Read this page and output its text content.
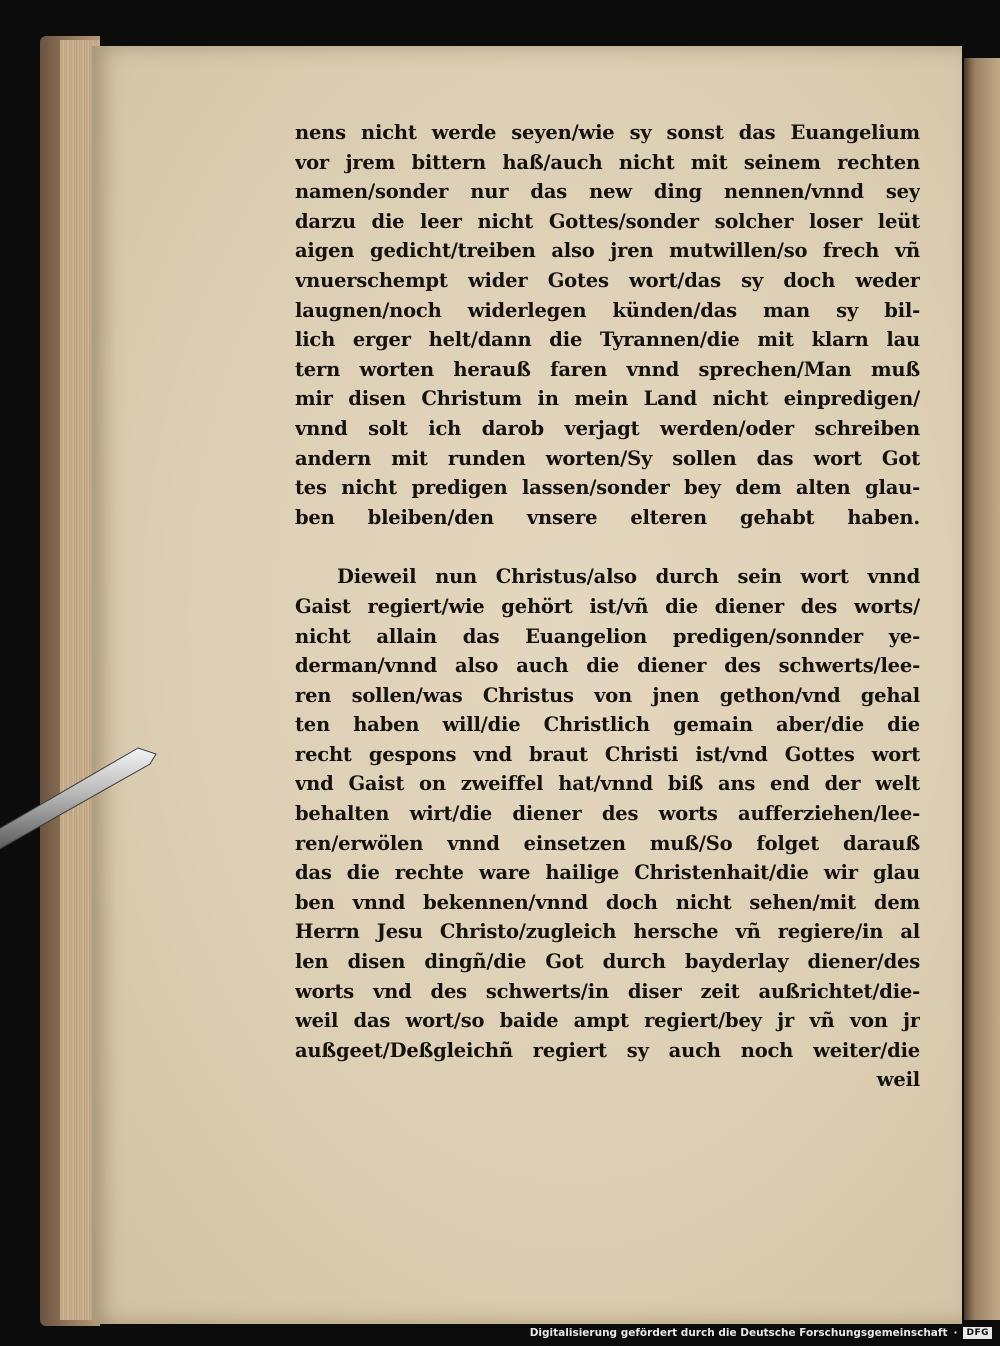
nens nicht werde seyen/wie sy sonst das Euangelium
vor jrem bittern haß/auch nicht mit seinem rechten
namen/sonder nur das new ding nennen/vnnd sey
darzu die leer nicht Gottes/sonder solcher loser leüt
aigen gedicht/treiben also jren mutwillen/so frech vñ
vnuerschempt wider Gotes wort/das sy doch weder
laugnen/noch widerlegen künden/das man sy bil-
lich erger helt/dann die Tyrannen/die mit klarn lau
tern worten herauß faren vnnd sprechen/Man muß
mir disen Christum in mein Land nicht einpredigen/
vnnd solt ich darob verjagt werden/oder schreiben
andern mit runden worten/Sy sollen das wort Got
tes nicht predigen lassen/sonder bey dem alten glau-
ben bleiben/den vnsere elteren gehabt haben.
Dieweil nun Christus/also durch sein wort vnnd
Gaist regiert/wie gehört ist/vñ die diener des worts/
nicht allain das Euangelion predigen/sonnder ye-
derman/vnnd also auch die diener des schwerts/lee-
ren sollen/was Christus von jnen gethon/vnd gehal
ten haben will/die Christlich gemain aber/die die
recht gespons vnd braut Christi ist/vnd Gottes wort
vnd Gaist on zweiffel hat/vnnd biß ans end der welt
behalten wirt/die diener des worts aufferziehen/lee-
ren/erwölen vnnd einsetzen muß/So folget darauß
das die rechte ware hailige Christenhait/die wir glau
ben vnnd bekennen/vnnd doch nicht sehen/mit dem
Herrn Jesu Christo/zugleich hersche vñ regiere/in al
len disen dingñ/die Got durch bayderlay diener/des
worts vnd des schwerts/in diser zeit außrichtet/die-
weil das wort/so baide ampt regiert/bey jr vñ von jr
außgeet/Deßgleichñ regiert sy auch noch weiter/die
weil
Digitalisierung gefördert durch die Deutsche Forschungsgemeinschaft ·	DFG
